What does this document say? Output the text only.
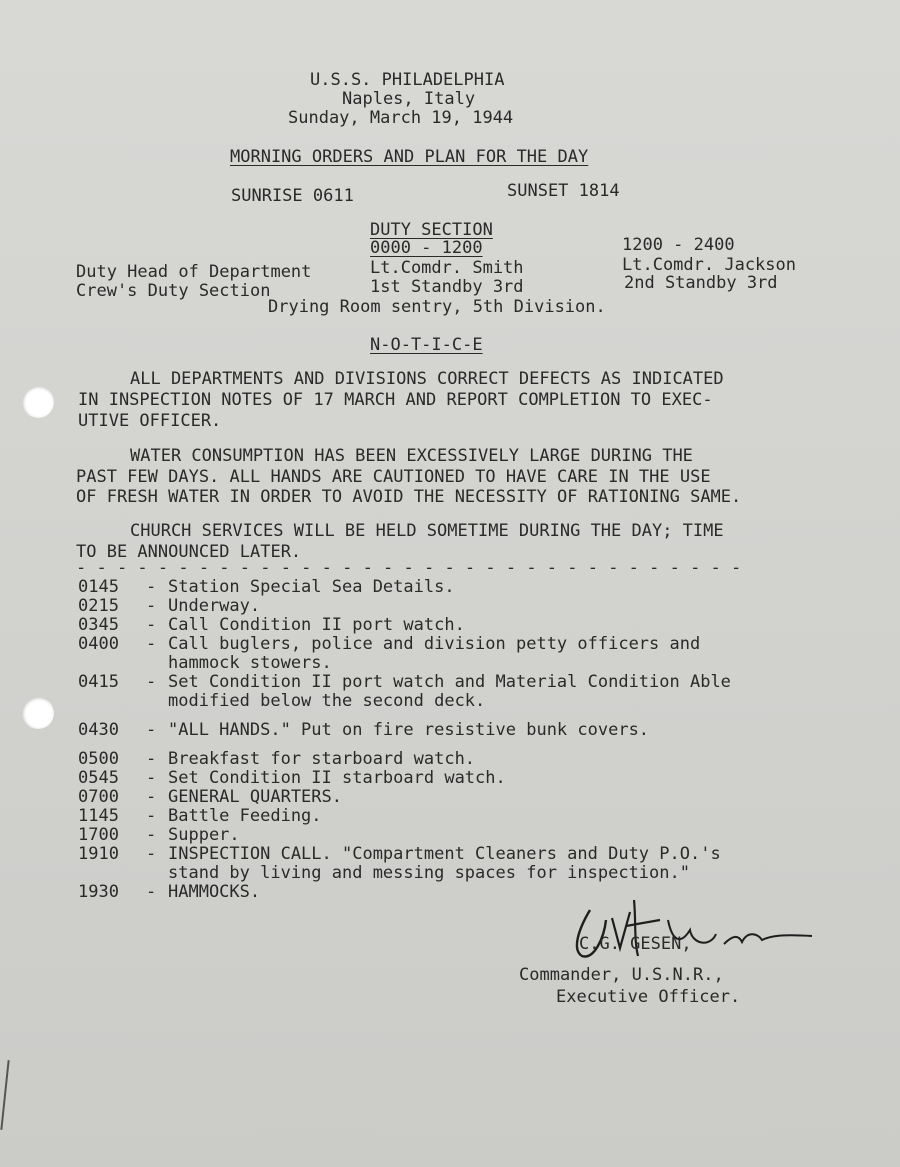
U.S.S. PHILADELPHIA
Naples, Italy
Sunday, March 19, 1944
MORNING ORDERS AND PLAN FOR THE DAY
SUNRISE 0611	SUNSET 1814
DUTY SECTION
0000 - 1200	1200 - 2400
Duty Head of Department	Lt.Comdr. Smith	Lt.Comdr. Jackson
Crew's Duty Section	1st Standby 3rd	2nd Standby 3rd
Drying Room sentry, 5th Division.
N-O-T-I-C-E
ALL DEPARTMENTS AND DIVISIONS CORRECT DEFECTS AS INDICATED
IN INSPECTION NOTES OF 17 MARCH AND REPORT COMPLETION TO EXEC-
UTIVE OFFICER.
WATER CONSUMPTION HAS BEEN EXCESSIVELY LARGE DURING THE
PAST FEW DAYS. ALL HANDS ARE CAUTIONED TO HAVE CARE IN THE USE
OF FRESH WATER IN ORDER TO AVOID THE NECESSITY OF RATIONING SAME.
CHURCH SERVICES WILL BE HELD SOMETIME DURING THE DAY; TIME
TO BE ANNOUNCED LATER.
- - - - - - - - - - - - - - - - - - - - - - - - - - - - - - - - -
0145	- Station Special Sea Details.
0215	- Underway.
0345	- Call Condition II port watch.
0400	- Call buglers, police and division petty officers and
hammock stowers.
0415	- Set Condition II port watch and Material Condition Able
modified below the second deck.
0430	- "ALL HANDS." Put on fire resistive bunk covers.
0500	- Breakfast for starboard watch.
0545	- Set Condition II starboard watch.
0700	- GENERAL QUARTERS.
1145	- Battle Feeding.
1700	- Supper.
1910	- INSPECTION CALL. "Compartment Cleaners and Duty P.O.'s
stand by living and messing spaces for inspection."
1930	- HAMMOCKS.
C.G. GESEN,
Commander, U.S.N.R.,
Executive Officer.
